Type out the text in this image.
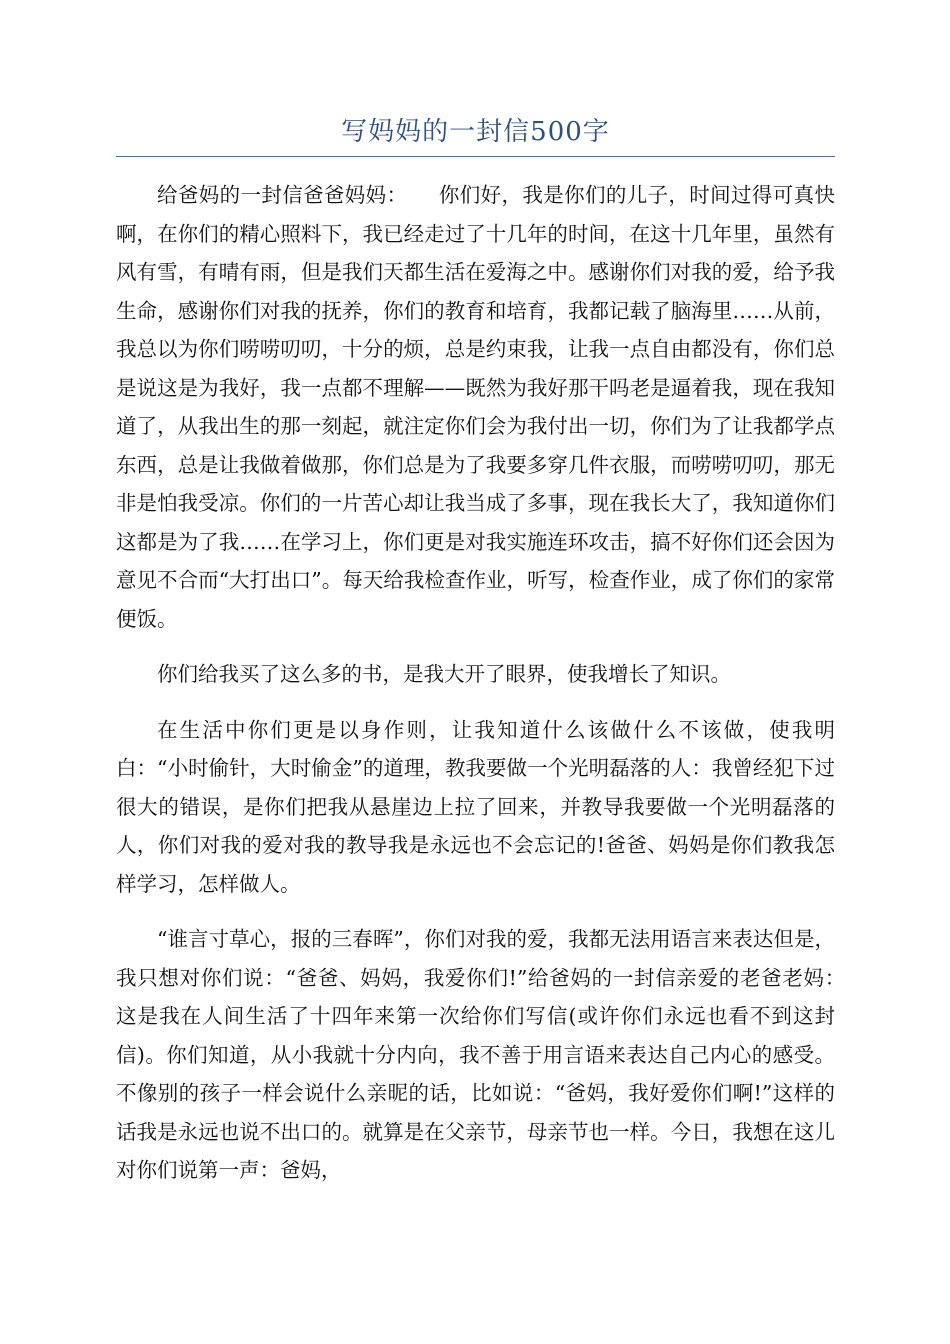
写妈妈的一封信500字

给爸妈的一封信爸爸妈妈：　　你们好，我是你们的儿子，时间过得可真快啊，在你们的精心照料下，我已经走过了十几年的时间，在这十几年里，虽然有风有雪，有晴有雨，但是我们天都生活在爱海之中。感谢你们对我的爱，给予我生命，感谢你们对我的抚养，你们的教育和培育，我都记载了脑海里……从前，我总以为你们唠唠叨叨，十分的烦，总是约束我，让我一点自由都没有，你们总是说这是为我好，我一点都不理解——既然为我好那干吗老是逼着我，现在我知道了，从我出生的那一刻起，就注定你们会为我付出一切，你们为了让我都学点东西，总是让我做着做那，你们总是为了我要多穿几件衣服，而唠唠叨叨，那无非是怕我受凉。你们的一片苦心却让我当成了多事，现在我长大了，我知道你们这都是为了我……在学习上，你们更是对我实施连环攻击，搞不好你们还会因为意见不合而“大打出口”。每天给我检查作业，听写，检查作业，成了你们的家常便饭。

你们给我买了这么多的书，是我大开了眼界，使我增长了知识。

在生活中你们更是以身作则，让我知道什么该做什么不该做，使我明白：“小时偷针，大时偷金”的道理，教我要做一个光明磊落的人：我曾经犯下过很大的错误，是你们把我从悬崖边上拉了回来，并教导我要做一个光明磊落的人，你们对我的爱对我的教导我是永远也不会忘记的!爸爸、妈妈是你们教我怎样学习，怎样做人。

“谁言寸草心，报的三春晖”，你们对我的爱，我都无法用语言来表达但是，我只想对你们说：“爸爸、妈妈，我爱你们!”给爸妈的一封信亲爱的老爸老妈：　　这是我在人间生活了十四年来第一次给你们写信(或许你们永远也看不到这封信)。你们知道，从小我就十分内向，我不善于用言语来表达自己内心的感受。不像别的孩子一样会说什么亲昵的话，比如说：“爸妈，我好爱你们啊!”这样的话我是永远也说不出口的。就算是在父亲节，母亲节也一样。今日，我想在这儿对你们说第一声：爸妈，
